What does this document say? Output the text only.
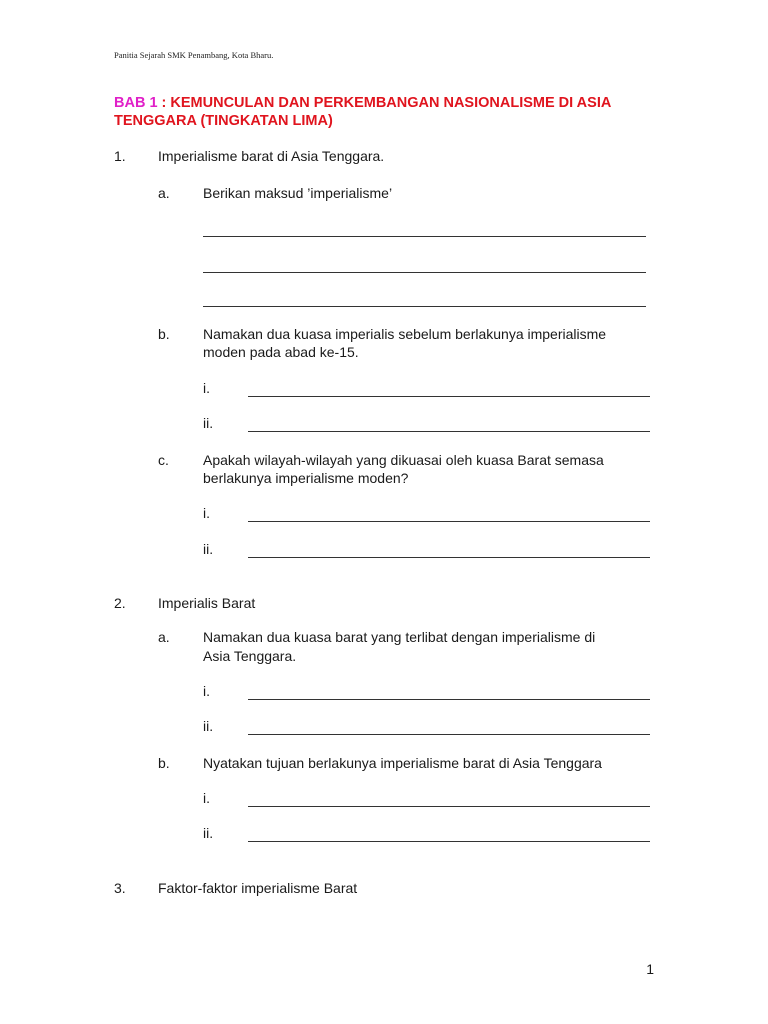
Panitia Sejarah SMK Penambang, Kota Bharu.
BAB 1 : KEMUNCULAN DAN PERKEMBANGAN NASIONALISME DI ASIA
TENGGARA (TINGKATAN LIMA)
1. Imperialisme barat di Asia Tenggara.
a. Berikan maksud ’imperialisme’
b. Namakan dua kuasa imperialis sebelum berlakunya imperialisme
moden pada abad ke-15.
i.
ii.
c. Apakah wilayah-wilayah yang dikuasai oleh kuasa Barat semasa
berlakunya imperialisme moden?
i.
ii.
2. Imperialis Barat
a. Namakan dua kuasa barat yang terlibat dengan imperialisme di
Asia Tenggara.
i.
ii.
b. Nyatakan tujuan berlakunya imperialisme barat di Asia Tenggara
i.
ii.
3. Faktor-faktor imperialisme Barat
1
